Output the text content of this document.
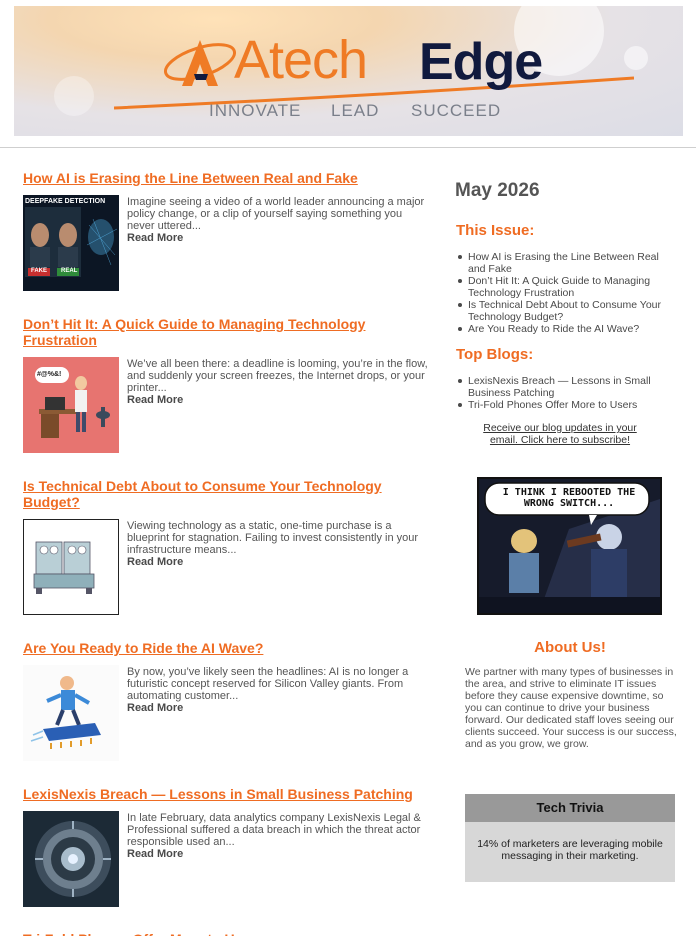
Atech Edge
INNOVATE LEAD SUCCEED
How AI is Erasing the Line Between Real and Fake
DEEPFAKE DETECTION
FAKE REAL
Imagine seeing a video of a world leader announcing a major policy change, or a clip of yourself saying something you never uttered...
Read More
Don’t Hit It: A Quick Guide to Managing Technology Frustration
#@%&!
We’ve all been there: a deadline is looming, you’re in the flow, and suddenly your screen freezes, the Internet drops, or your printer...
Read More
Is Technical Debt About to Consume Your Technology Budget?
Viewing technology as a static, one-time purchase is a blueprint for stagnation. Failing to invest consistently in your infrastructure means...
Read More
Are You Ready to Ride the AI Wave?
By now, you’ve likely seen the headlines: AI is no longer a futuristic concept reserved for Silicon Valley giants. From automating customer...
Read More
LexisNexis Breach — Lessons in Small Business Patching
In late February, data analytics company LexisNexis Legal & Professional suffered a data breach in which the threat actor responsible used an...
Read More
May 2026
This Issue:
How AI is Erasing the Line Between Real and Fake
Don’t Hit It: A Quick Guide to Managing Technology Frustration
Is Technical Debt About to Consume Your Technology Budget?
Are You Ready to Ride the AI Wave?
Top Blogs:
LexisNexis Breach — Lessons in Small Business Patching
Tri-Fold Phones Offer More to Users
Receive our blog updates in your email. Click here to subscribe!
I THINK I REBOOTED THE WRONG SWITCH...
About Us!
We partner with many types of businesses in the area, and strive to eliminate IT issues before they cause expensive downtime, so you can continue to drive your business forward. Our dedicated staff loves seeing our clients succeed. Your success is our success, and as you grow, we grow.
Tech Trivia
14% of marketers are leveraging mobile messaging in their marketing.
